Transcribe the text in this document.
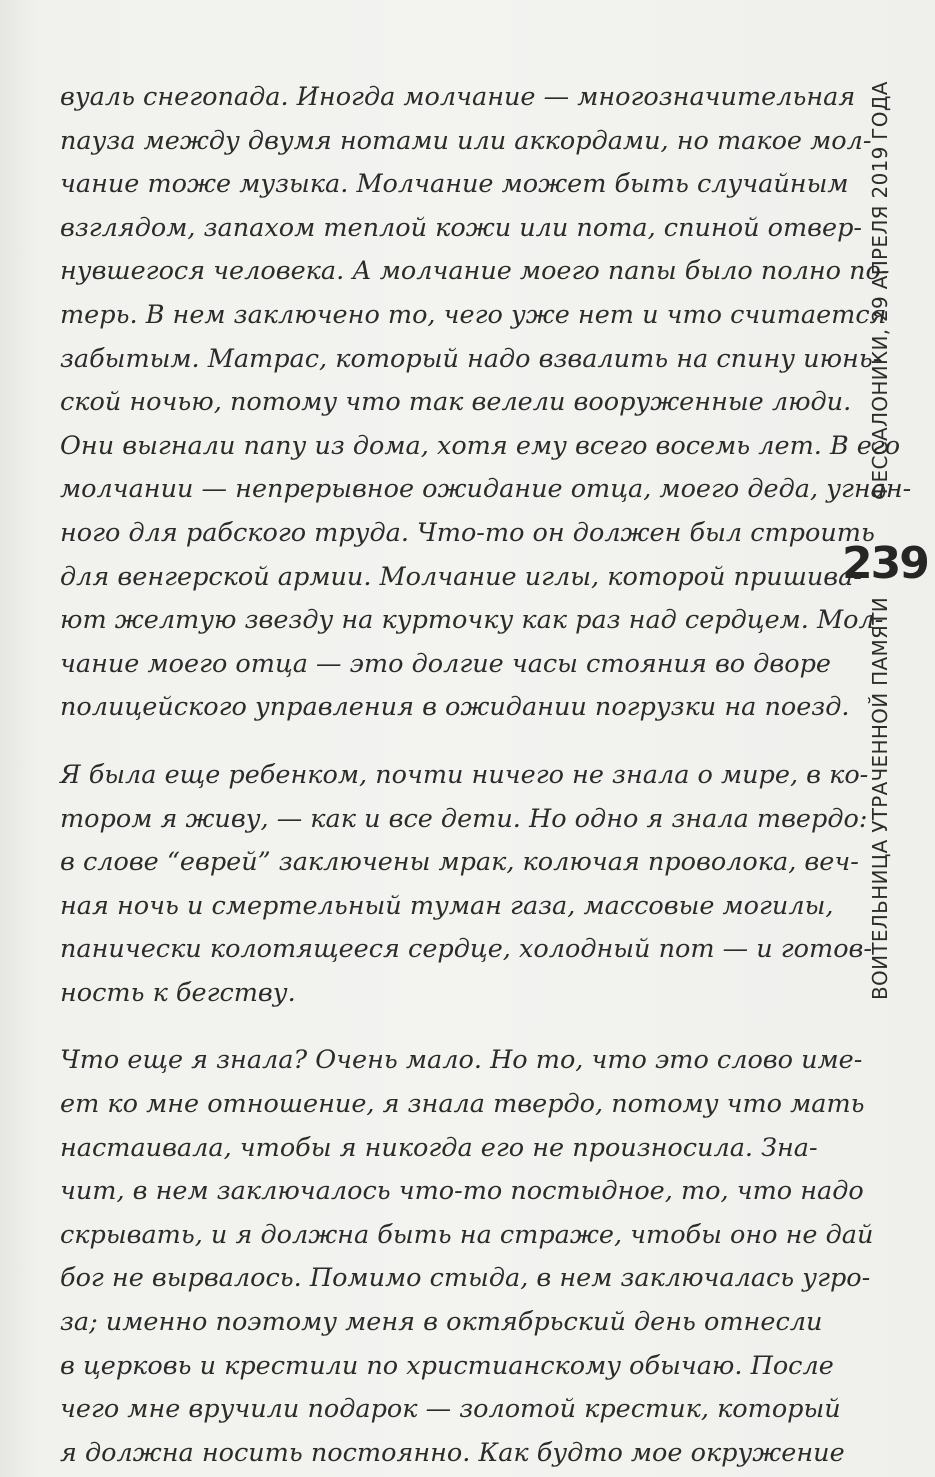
вуаль снегопада. Иногда молчание — многозначительная
пауза между двумя нотами или аккордами, но такое мол-
чание тоже музыка. Молчание может быть случайным
взглядом, запахом теплой кожи или пота, спиной отвер-
нувшегося человека. А молчание моего папы было полно по-
терь. В нем заключено то, чего уже нет и что считается
забытым. Матрас, который надо взвалить на спину июнь-
ской ночью, потому что так велели вооруженные люди.
Они выгнали папу из дома, хотя ему всего восемь лет. В его
молчании — непрерывное ожидание отца, моего деда, угнан-
ного для рабского труда. Что-то он должен был строить
для венгерской армии. Молчание иглы, которой пришива-
ют желтую звезду на курточку как раз над сердцем. Мол-
чание моего отца — это долгие часы стояния во дворе
полицейского управления в ожидании погрузки на поезд.
Я была еще ребенком, почти ничего не знала о мире, в ко-
тором я живу, — как и все дети. Но одно я знала твердо:
в слове “еврей” заключены мрак, колючая проволока, веч-
ная ночь и смертельный туман газа, массовые могилы,
панически колотящееся сердце, холодный пот — и готов-
ность к бегству.
Что еще я знала? Очень мало. Но то, что это слово име-
ет ко мне отношение, я знала твердо, потому что мать
настаивала, чтобы я никогда его не произносила. Зна-
чит, в нем заключалось что-то постыдное, то, что надо
скрывать, и я должна быть на страже, чтобы оно не дай
бог не вырвалось. Помимо стыда, в нем заключалась угро-
за; именно поэтому меня в октябрьский день отнесли
в церковь и крестили по христианскому обычаю. После
чего мне вручили подарок — золотой крестик, который
я должна носить постоянно. Как будто мое окружение
ФЕССАЛОНИКИ, 29 АПРЕЛЯ 2019 ГОДА
239
ВОИТЕЛЬНИЦА УТРАЧЕННОЙ ПАМЯТИ
